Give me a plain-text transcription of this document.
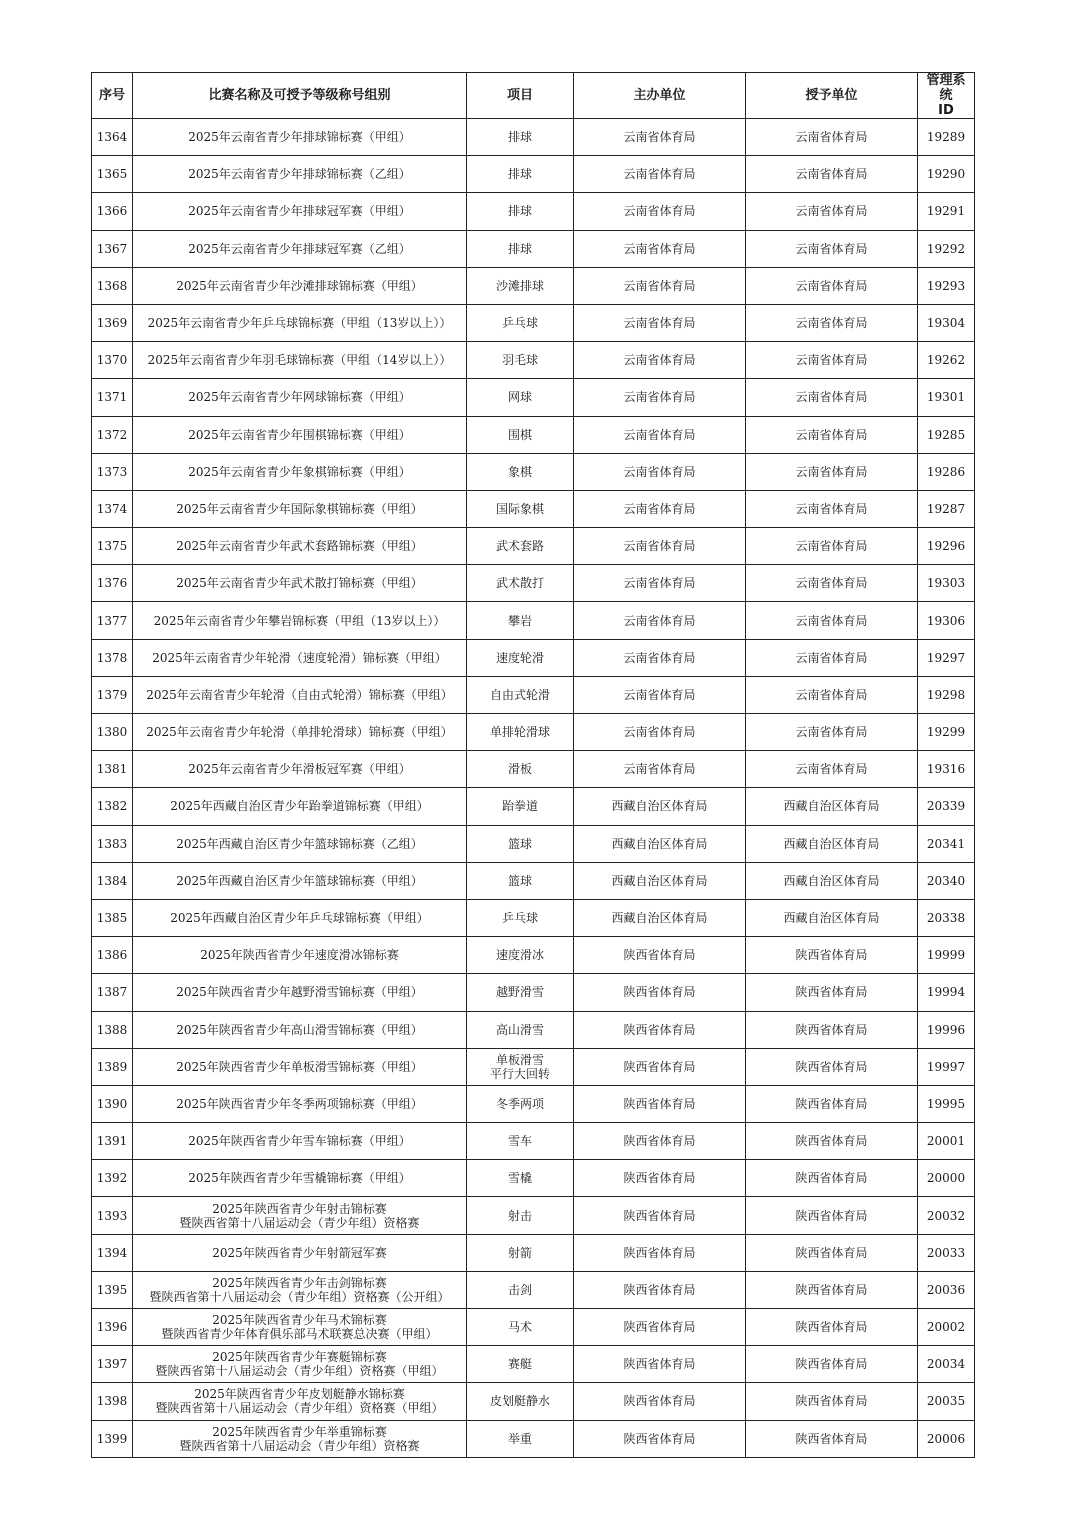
序号	比赛名称及可授予等级称号组别	项目	主办单位	授予单位	管理系统
ID

1364	2025年云南省青少年排球锦标赛（甲组）	排球	云南省体育局	云南省体育局	19289
1365	2025年云南省青少年排球锦标赛（乙组）	排球	云南省体育局	云南省体育局	19290
1366	2025年云南省青少年排球冠军赛（甲组）	排球	云南省体育局	云南省体育局	19291
1367	2025年云南省青少年排球冠军赛（乙组）	排球	云南省体育局	云南省体育局	19292
1368	2025年云南省青少年沙滩排球锦标赛（甲组）	沙滩排球	云南省体育局	云南省体育局	19293
1369	2025年云南省青少年乒乓球锦标赛（甲组（13岁以上））	乒乓球	云南省体育局	云南省体育局	19304
1370	2025年云南省青少年羽毛球锦标赛（甲组（14岁以上））	羽毛球	云南省体育局	云南省体育局	19262
1371	2025年云南省青少年网球锦标赛（甲组）	网球	云南省体育局	云南省体育局	19301
1372	2025年云南省青少年围棋锦标赛（甲组）	围棋	云南省体育局	云南省体育局	19285
1373	2025年云南省青少年象棋锦标赛（甲组）	象棋	云南省体育局	云南省体育局	19286
1374	2025年云南省青少年国际象棋锦标赛（甲组）	国际象棋	云南省体育局	云南省体育局	19287
1375	2025年云南省青少年武术套路锦标赛（甲组）	武术套路	云南省体育局	云南省体育局	19296
1376	2025年云南省青少年武术散打锦标赛（甲组）	武术散打	云南省体育局	云南省体育局	19303
1377	2025年云南省青少年攀岩锦标赛（甲组（13岁以上））	攀岩	云南省体育局	云南省体育局	19306
1378	2025年云南省青少年轮滑（速度轮滑）锦标赛（甲组）	速度轮滑	云南省体育局	云南省体育局	19297
1379	2025年云南省青少年轮滑（自由式轮滑）锦标赛（甲组）	自由式轮滑	云南省体育局	云南省体育局	19298
1380	2025年云南省青少年轮滑（单排轮滑球）锦标赛（甲组）	单排轮滑球	云南省体育局	云南省体育局	19299
1381	2025年云南省青少年滑板冠军赛（甲组）	滑板	云南省体育局	云南省体育局	19316
1382	2025年西藏自治区青少年跆拳道锦标赛（甲组）	跆拳道	西藏自治区体育局	西藏自治区体育局	20339
1383	2025年西藏自治区青少年篮球锦标赛（乙组）	篮球	西藏自治区体育局	西藏自治区体育局	20341
1384	2025年西藏自治区青少年篮球锦标赛（甲组）	篮球	西藏自治区体育局	西藏自治区体育局	20340
1385	2025年西藏自治区青少年乒乓球锦标赛（甲组）	乒乓球	西藏自治区体育局	西藏自治区体育局	20338
1386	2025年陕西省青少年速度滑冰锦标赛	速度滑冰	陕西省体育局	陕西省体育局	19999
1387	2025年陕西省青少年越野滑雪锦标赛（甲组）	越野滑雪	陕西省体育局	陕西省体育局	19994
1388	2025年陕西省青少年高山滑雪锦标赛（甲组）	高山滑雪	陕西省体育局	陕西省体育局	19996
1389	2025年陕西省青少年单板滑雪锦标赛（甲组）	单板滑雪
平行大回转	陕西省体育局	陕西省体育局	19997
1390	2025年陕西省青少年冬季两项锦标赛（甲组）	冬季两项	陕西省体育局	陕西省体育局	19995
1391	2025年陕西省青少年雪车锦标赛（甲组）	雪车	陕西省体育局	陕西省体育局	20001
1392	2025年陕西省青少年雪橇锦标赛（甲组）	雪橇	陕西省体育局	陕西省体育局	20000
1393	2025年陕西省青少年射击锦标赛
暨陕西省第十八届运动会（青少年组）资格赛	射击	陕西省体育局	陕西省体育局	20032
1394	2025年陕西省青少年射箭冠军赛	射箭	陕西省体育局	陕西省体育局	20033
1395	2025年陕西省青少年击剑锦标赛
暨陕西省第十八届运动会（青少年组）资格赛（公开组）	击剑	陕西省体育局	陕西省体育局	20036
1396	2025年陕西省青少年马术锦标赛
暨陕西省青少年体育俱乐部马术联赛总决赛（甲组）	马术	陕西省体育局	陕西省体育局	20002
1397	2025年陕西省青少年赛艇锦标赛
暨陕西省第十八届运动会（青少年组）资格赛（甲组）	赛艇	陕西省体育局	陕西省体育局	20034
1398	2025年陕西省青少年皮划艇静水锦标赛
暨陕西省第十八届运动会（青少年组）资格赛（甲组）	皮划艇静水	陕西省体育局	陕西省体育局	20035
1399	2025年陕西省青少年举重锦标赛
暨陕西省第十八届运动会（青少年组）资格赛	举重	陕西省体育局	陕西省体育局	20006
